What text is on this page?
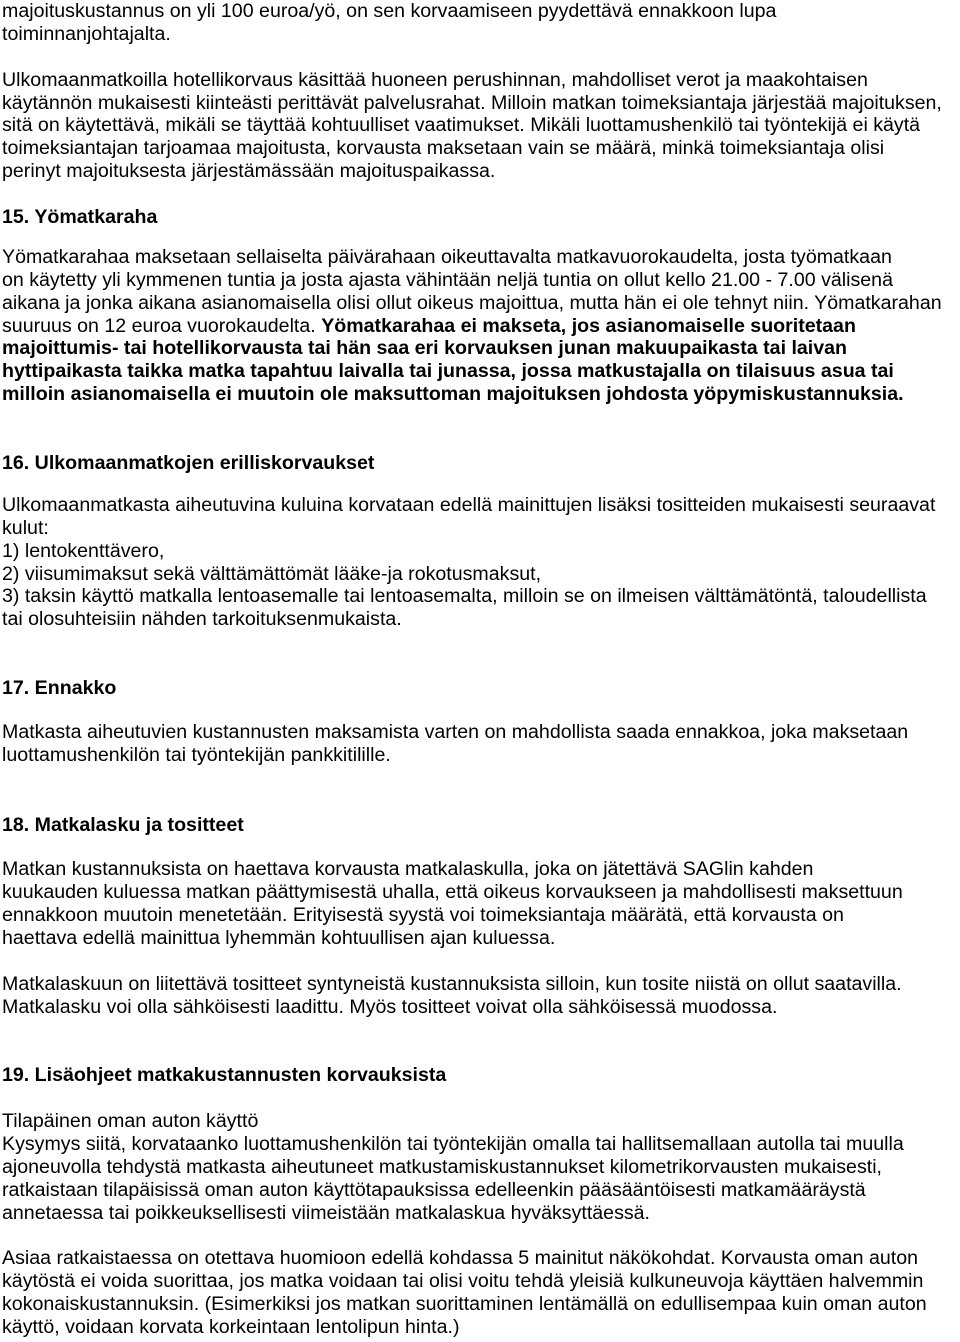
majoituskustannus on yli 100 euroa/yö, on sen korvaamiseen pyydettävä ennakkoon lupa
toiminnanjohtajalta.
Ulkomaanmatkoilla hotellikorvaus käsittää huoneen perushinnan, mahdolliset verot ja maakohtaisen
käytännön mukaisesti kiinteästi perittävät palvelusrahat. Milloin matkan toimeksiantaja järjestää majoituksen,
sitä on käytettävä, mikäli se täyttää kohtuulliset vaatimukset. Mikäli luottamushenkilö tai työntekijä ei käytä
toimeksiantajan tarjoamaa majoitusta, korvausta maksetaan vain se määrä, minkä toimeksiantaja olisi
perinyt majoituksesta järjestämässään majoituspaikassa.
15. Yömatkaraha
Yömatkarahaa maksetaan sellaiselta päivärahaan oikeuttavalta matkavuorokaudelta, josta työmatkaan
on käytetty yli kymmenen tuntia ja josta ajasta vähintään neljä tuntia on ollut kello 21.00 - 7.00 välisenä
aikana ja jonka aikana asianomaisella olisi ollut oikeus majoittua, mutta hän ei ole tehnyt niin. Yömatkarahan
suuruus on 12 euroa vuorokaudelta. Yömatkarahaa ei makseta, jos asianomaiselle suoritetaan
majoittumis- tai hotellikorvausta tai hän saa eri korvauksen junan makuupaikasta tai laivan
hyttipaikasta taikka matka tapahtuu laivalla tai junassa, jossa matkustajalla on tilaisuus asua tai
milloin asianomaisella ei muutoin ole maksuttoman majoituksen johdosta yöpymiskustannuksia.
16. Ulkomaanmatkojen erilliskorvaukset
Ulkomaanmatkasta aiheutuvina kuluina korvataan edellä mainittujen lisäksi tositteiden mukaisesti seuraavat
kulut:
1) lentokenttävero,
2) viisumimaksut sekä välttämättömät lääke-ja rokotusmaksut,
3) taksin käyttö matkalla lentoasemalle tai lentoasemalta, milloin se on ilmeisen välttämätöntä, taloudellista
tai olosuhteisiin nähden tarkoituksenmukaista.
17. Ennakko
Matkasta aiheutuvien kustannusten maksamista varten on mahdollista saada ennakkoa, joka maksetaan
luottamushenkilön tai työntekijän pankkitilille.
18. Matkalasku ja tositteet
Matkan kustannuksista on haettava korvausta matkalaskulla, joka on jätettävä SAGlin kahden
kuukauden kuluessa matkan päättymisestä uhalla, että oikeus korvaukseen ja mahdollisesti maksettuun
ennakkoon muutoin menetetään. Erityisestä syystä voi toimeksiantaja määrätä, että korvausta on
haettava edellä mainittua lyhemmän kohtuullisen ajan kuluessa.
Matkalaskuun on liitettävä tositteet syntyneistä kustannuksista silloin, kun tosite niistä on ollut saatavilla.
Matkalasku voi olla sähköisesti laadittu. Myös tositteet voivat olla sähköisessä muodossa.
19. Lisäohjeet matkakustannusten korvauksista
Tilapäinen oman auton käyttö
Kysymys siitä, korvataanko luottamushenkilön tai työntekijän omalla tai hallitsemallaan autolla tai muulla
ajoneuvolla tehdystä matkasta aiheutuneet matkustamiskustannukset kilometrikorvausten mukaisesti,
ratkaistaan tilapäisissä oman auton käyttötapauksissa edelleenkin pääsääntöisesti matkamääräystä
annetaessa tai poikkeuksellisesti viimeistään matkalaskua hyväksyttäessä.
Asiaa ratkaistaessa on otettava huomioon edellä kohdassa 5 mainitut näkökohdat. Korvausta oman auton
käytöstä ei voida suorittaa, jos matka voidaan tai olisi voitu tehdä yleisiä kulkuneuvoja käyttäen halvemmin
kokonaiskustannuksin. (Esimerkiksi jos matkan suorittaminen lentämällä on edullisempaa kuin oman auton
käyttö, voidaan korvata korkeintaan lentolipun hinta.)
